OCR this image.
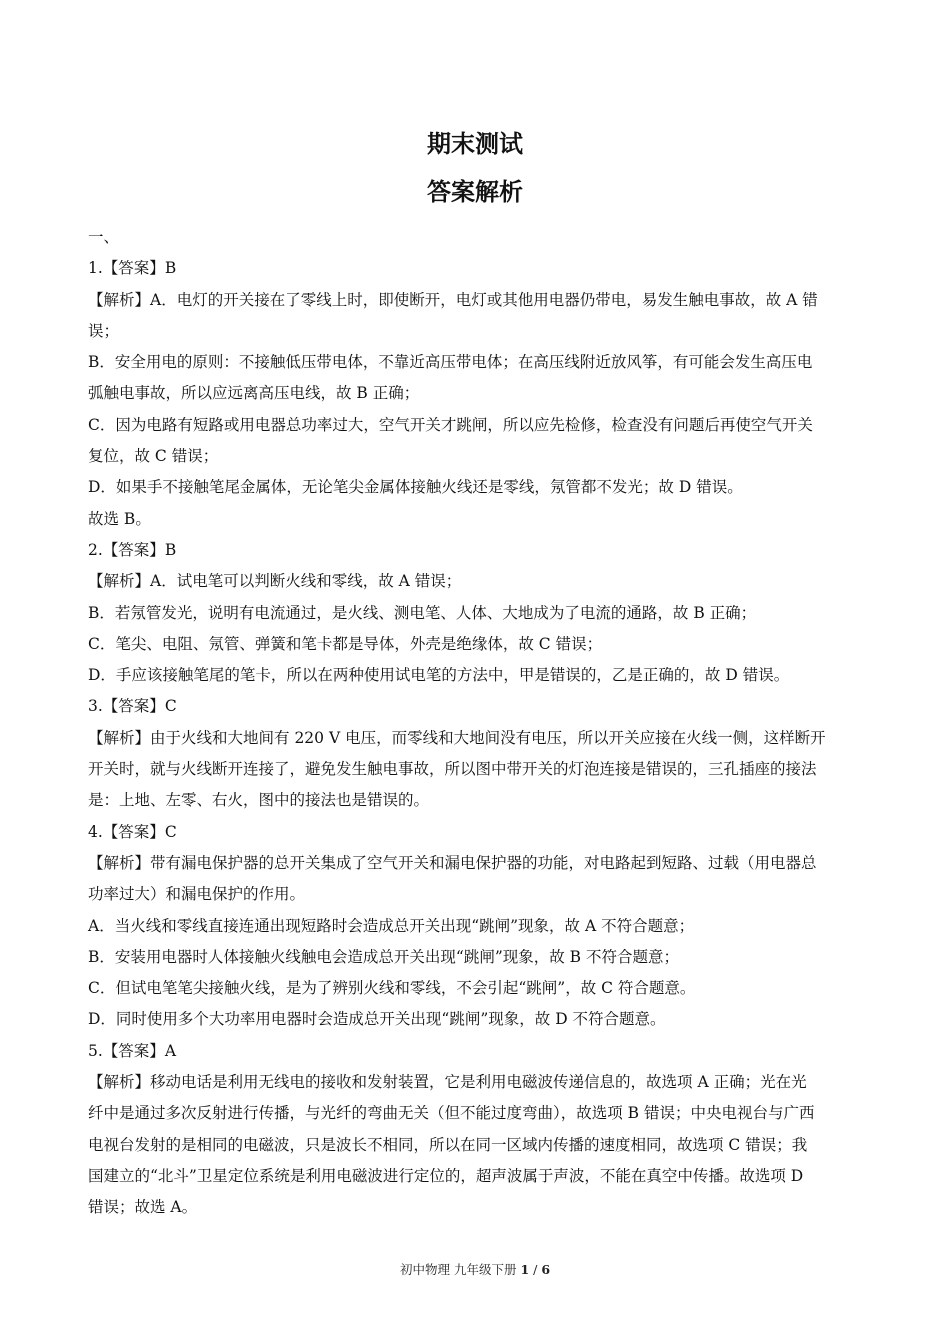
期末测试
答案解析
一、
1.【答案】B
【解析】A．电灯的开关接在了零线上时，即使断开，电灯或其他用电器仍带电，易发生触电事故，故 A 错
误；
B．安全用电的原则：不接触低压带电体，不靠近高压带电体；在高压线附近放风筝，有可能会发生高压电
弧触电事故，所以应远离高压电线，故 B 正确；
C．因为电路有短路或用电器总功率过大，空气开关才跳闸，所以应先检修，检查没有问题后再使空气开关
复位，故 C 错误；
D．如果手不接触笔尾金属体，无论笔尖金属体接触火线还是零线，氖管都不发光；故 D 错误。
故选 B。
2.【答案】B
【解析】A．试电笔可以判断火线和零线，故 A 错误；
B．若氖管发光，说明有电流通过，是火线、测电笔、人体、大地成为了电流的通路，故 B 正确；
C．笔尖、电阻、氖管、弹簧和笔卡都是导体，外壳是绝缘体，故 C 错误；
D．手应该接触笔尾的笔卡，所以在两种使用试电笔的方法中，甲是错误的，乙是正确的，故 D 错误。
3.【答案】C
【解析】由于火线和大地间有 220 V 电压，而零线和大地间没有电压，所以开关应接在火线一侧，这样断开
开关时，就与火线断开连接了，避免发生触电事故，所以图中带开关的灯泡连接是错误的，三孔插座的接法
是：上地、左零、右火，图中的接法也是错误的。
4.【答案】C
【解析】带有漏电保护器的总开关集成了空气开关和漏电保护器的功能，对电路起到短路、过载（用电器总
功率过大）和漏电保护的作用。
A．当火线和零线直接连通出现短路时会造成总开关出现“跳闸”现象，故 A 不符合题意；
B．安装用电器时人体接触火线触电会造成总开关出现“跳闸”现象，故 B 不符合题意；
C．但试电笔笔尖接触火线，是为了辨别火线和零线，不会引起“跳闸”，故 C 符合题意。
D．同时使用多个大功率用电器时会造成总开关出现“跳闸”现象，故 D 不符合题意。
5.【答案】A
【解析】移动电话是利用无线电的接收和发射装置，它是利用电磁波传递信息的，故选项 A 正确；光在光
纤中是通过多次反射进行传播，与光纤的弯曲无关（但不能过度弯曲），故选项 B 错误；中央电视台与广西
电视台发射的是相同的电磁波，只是波长不相同，所以在同一区域内传播的速度相同，故选项 C 错误；我
国建立的“北斗”卫星定位系统是利用电磁波进行定位的，超声波属于声波，不能在真空中传播。故选项 D
错误；故选 A。
初中物理 九年级下册 1 / 6
